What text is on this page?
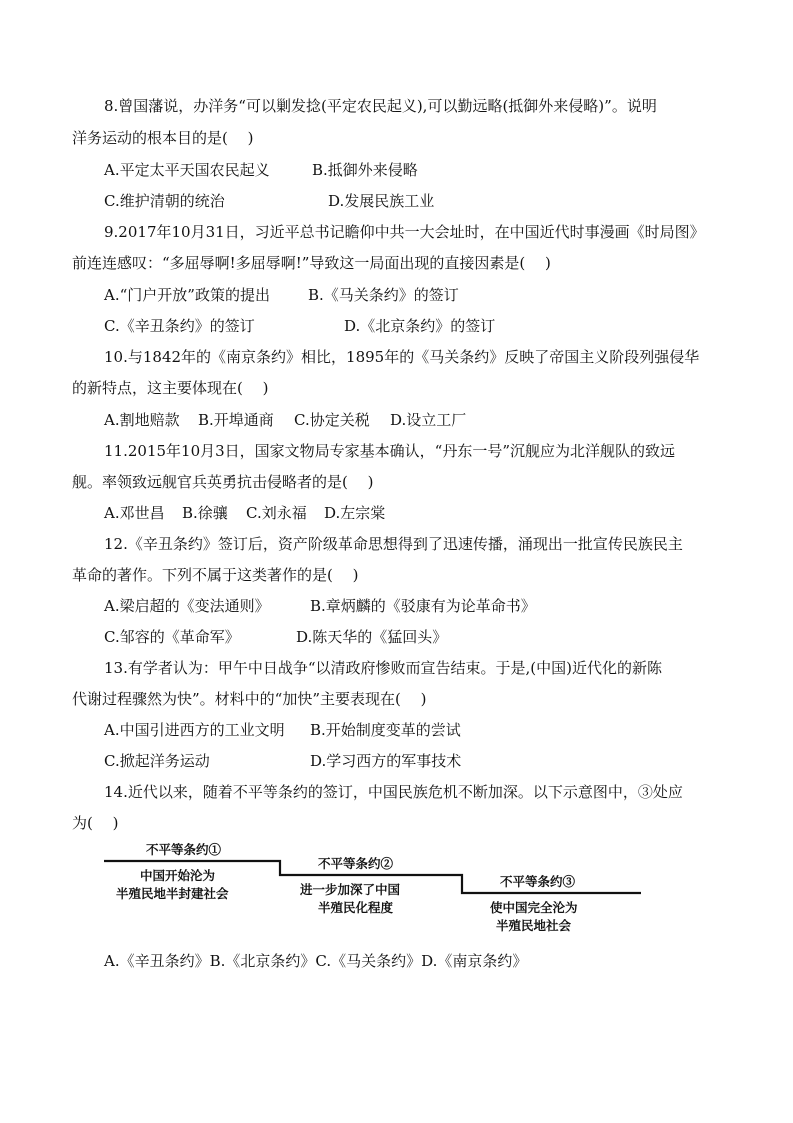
8.曾国藩说，办洋务“可以剿发捻(平定农民起义),可以勤远略(抵御外来侵略)”。说明
洋务运动的根本目的是(　 )
A.平定太平天国农民起义	B.抵御外来侵略
C.维护清朝的统治	D.发展民族工业
9.2017年10月31日，习近平总书记瞻仰中共一大会址时，在中国近代时事漫画《时局图》
前连连感叹：“多屈辱啊!多屈辱啊!”导致这一局面出现的直接因素是(　 )
A.“门户开放”政策的提出	B.《马关条约》的签订
C.《辛丑条约》的签订	D.《北京条约》的签订
10.与1842年的《南京条约》相比，1895年的《马关条约》反映了帝国主义阶段列强侵华
的新特点，这主要体现在(　 )
A.割地赔款 B.开埠通商 C.协定关税 D.设立工厂
11.2015年10月3日，国家文物局专家基本确认，“丹东一号”沉舰应为北洋舰队的致远
舰。率领致远舰官兵英勇抗击侵略者的是(　 )
A.邓世昌 B.徐骧 C.刘永福 D.左宗棠
12.《辛丑条约》签订后，资产阶级革命思想得到了迅速传播，涌现出一批宣传民族民主
革命的著作。下列不属于这类著作的是(　 )
A.梁启超的《变法通则》	B.章炳麟的《驳康有为论革命书》
C.邹容的《革命军》	D.陈天华的《猛回头》
13.有学者认为：甲午中日战争“以清政府惨败而宣告结束。于是,(中国)近代化的新陈
代谢过程骤然为快”。材料中的“加快”主要表现在(　 )
A.中国引进西方的工业文明 B.开始制度变革的尝试
C.掀起洋务运动	D.学习西方的军事技术
14.近代以来，随着不平等条约的签订，中国民族危机不断加深。以下示意图中，③处应
为(　 )
不平等条约①
中国开始沦为
半殖民地半封建社会
不平等条约②
进一步加深了中国
半殖民化程度
不平等条约③
使中国完全沦为
半殖民地社会
A.《辛丑条约》B.《北京条约》C.《马关条约》D.《南京条约》
